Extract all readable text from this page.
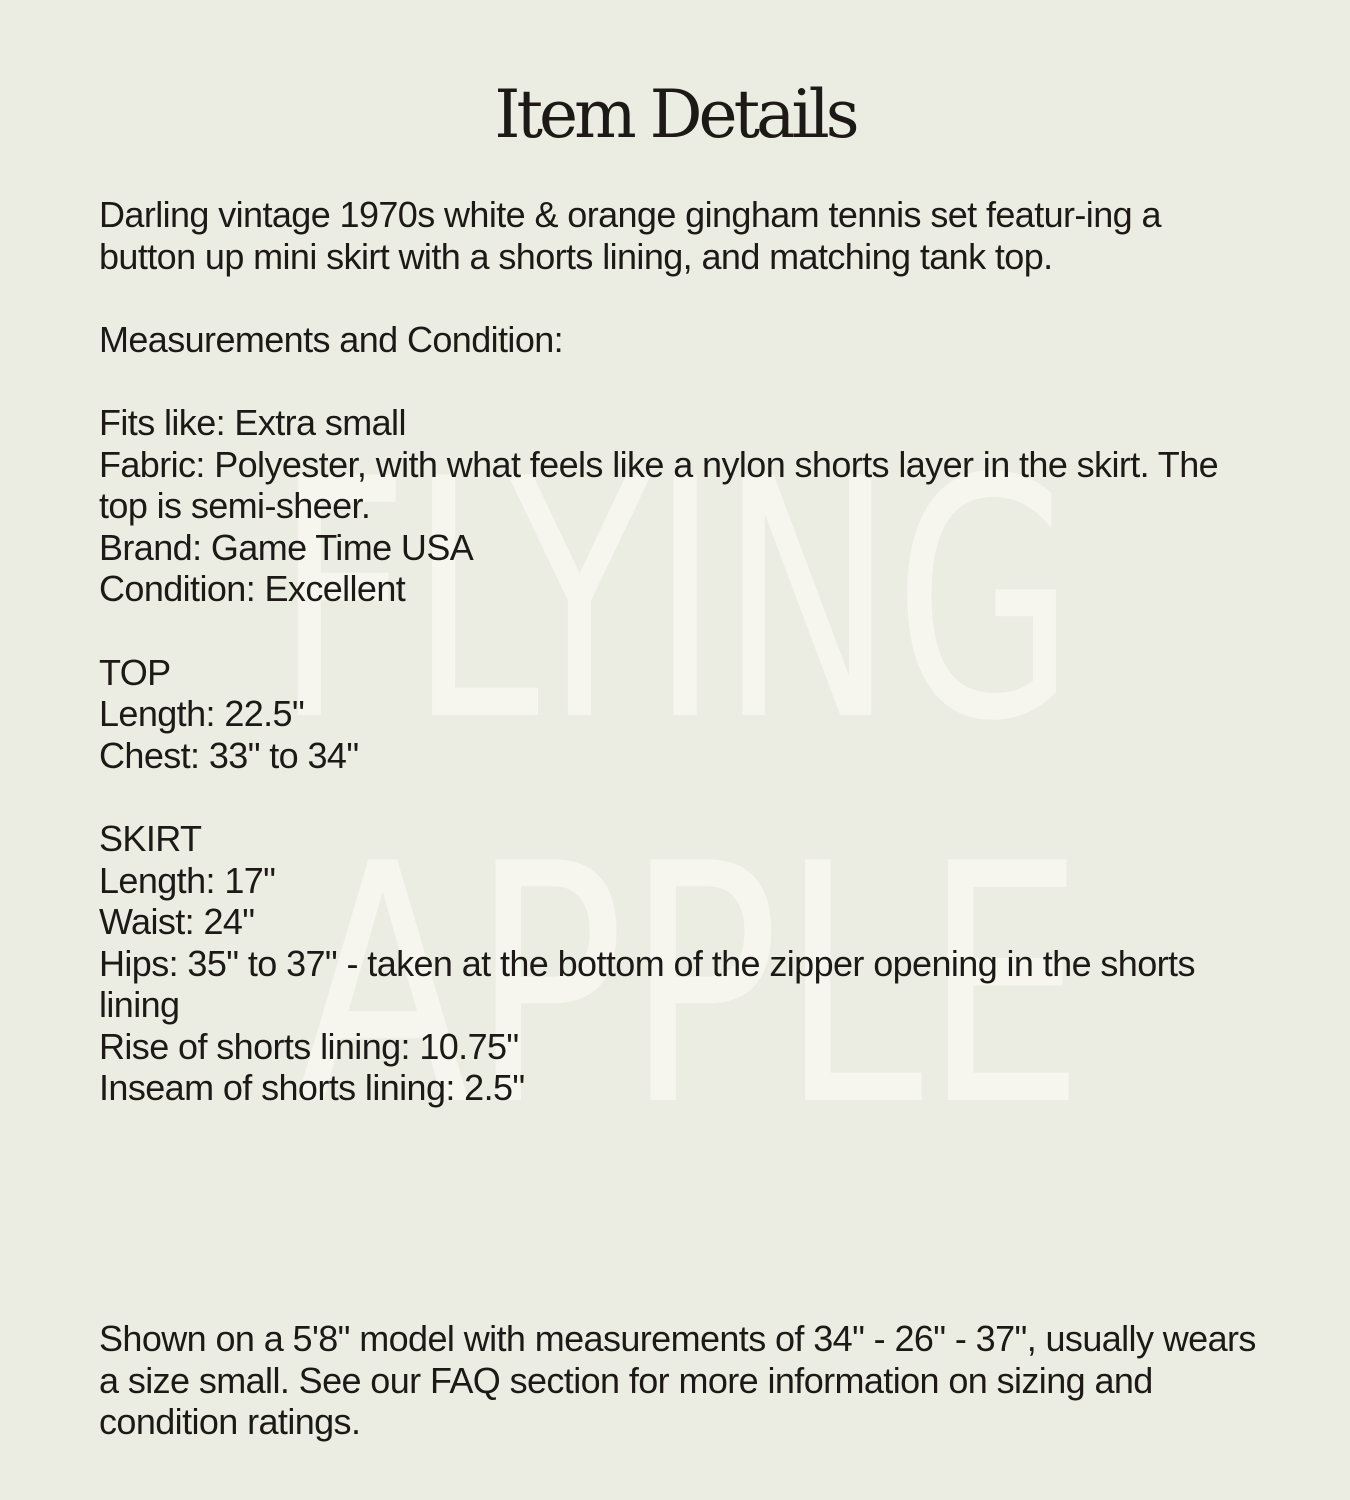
FLYING
APPLE
Item Details

Darling vintage 1970s white & orange gingham tennis set featur-ing a button up mini skirt with a shorts lining, and matching tank top.

Measurements and Condition:

Fits like: Extra small

Fabric: Polyester, with what feels like a nylon shorts layer in the skirt. The top is semi-sheer.

Brand: Game Time USA

Condition: Excellent

TOP

Length: 22.5"

Chest: 33" to 34"

SKIRT

Length: 17"

Waist: 24"

Hips: 35" to 37" - taken at the bottom of the zipper opening in the shorts lining

Rise of shorts lining: 10.75"

Inseam of shorts lining: 2.5"

Shown on a 5'8" model with measurements of 34" - 26" - 37", usually wears a size small. See our FAQ section for more information on sizing and condition ratings.
